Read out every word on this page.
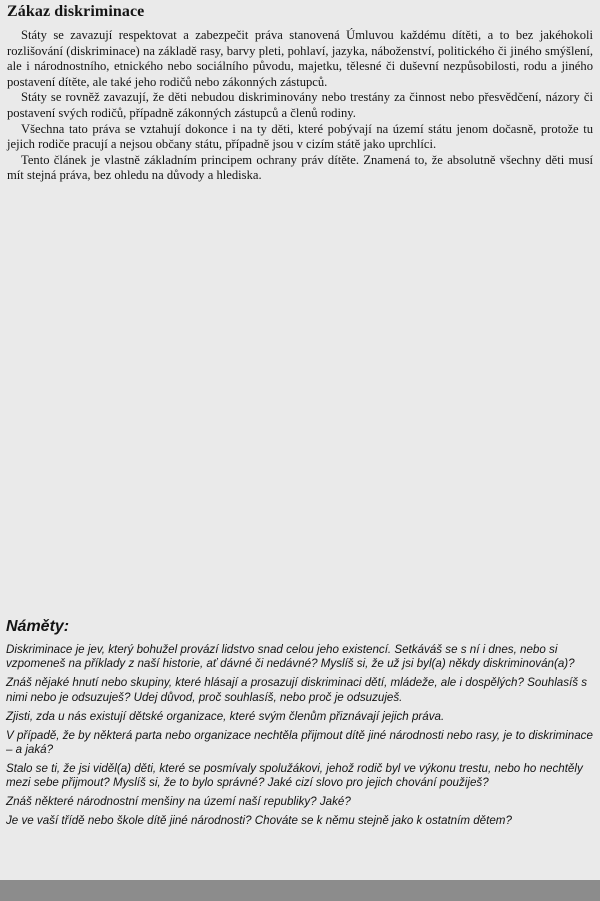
Zákaz diskriminace

Státy se zavazují respektovat a zabezpečit práva stanovená Úmluvou každému dítěti, a to bez jakéhokoli rozlišování (diskriminace) na základě rasy, barvy pleti, pohlaví, jazyka, náboženství, politického či jiného smýšlení, ale i národnostního, etnického nebo sociálního původu, majetku, tělesné či duševní nezpůsobilosti, rodu a jiného postavení dítěte, ale také jeho rodičů nebo zákonných zástupců.

Státy se rovněž zavazují, že děti nebudou diskriminovány nebo trestány za činnost nebo přesvědčení, názory či postavení svých rodičů, případně zákonných zástupců a členů rodiny.

Všechna tato práva se vztahují dokonce i na ty děti, které pobývají na území státu jenom dočasně, protože tu jejich rodiče pracují a nejsou občany státu, případně jsou v cizím státě jako uprchlíci.

Tento článek je vlastně základním principem ochrany práv dítěte. Znamená to, že absolutně všechny děti musí mít stejná práva, bez ohledu na důvody a hlediska.

Náměty:

Diskriminace je jev, který bohužel provází lidstvo snad celou jeho existencí. Setkáváš se s ní i dnes, nebo si vzpomeneš na příklady z naší historie, ať dávné či nedávné? Myslíš si, že už jsi byl(a) někdy diskriminován(a)?

Znáš nějaké hnutí nebo skupiny, které hlásají a prosazují diskriminaci dětí, mládeže, ale i dospělých? Souhlasíš s nimi nebo je odsuzuješ? Udej důvod, proč souhlasíš, nebo proč je odsuzuješ.

Zjisti, zda u nás existují dětské organizace, které svým členům přiznávají jejich práva.

V případě, že by některá parta nebo organizace nechtěla přijmout dítě jiné národnosti nebo rasy, je to diskriminace – a jaká?

Stalo se ti, že jsi viděl(a) děti, které se posmívaly spolužákovi, jehož rodič byl ve výkonu trestu, nebo ho nechtěly mezi sebe přijmout? Myslíš si, že to bylo správné? Jaké cizí slovo pro jejich chování použiješ?

Znáš některé národnostní menšiny na území naší republiky? Jaké?

Je ve vaší třídě nebo škole dítě jiné národnosti? Chováte se k němu stejně jako k ostatním dětem?
